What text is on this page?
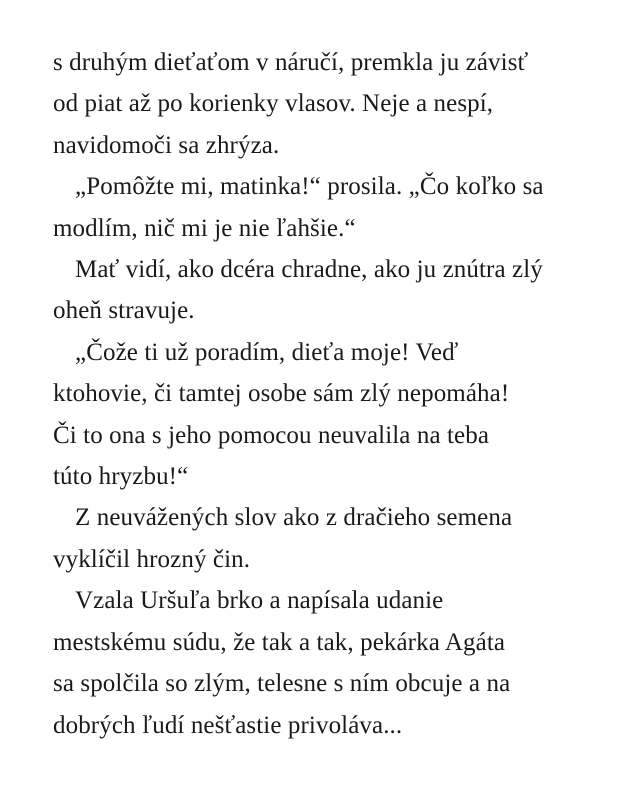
s druhým dieťaťom v náručí, premkla ju závisť
od piat až po korienky vlasov. Neje a nespí,
navidomoči sa zhrýza.
„Pomôžte mi, matinka!“ prosila. „Čo koľko sa
modlím, nič mi je nie ľahšie.“
Mať vidí, ako dcéra chradne, ako ju znútra zlý
oheň stravuje.
„Čože ti už poradím, dieťa moje! Veď
ktohovie, či tamtej osobe sám zlý nepomáha!
Či to ona s jeho pomocou neuvalila na teba
túto hryzbu!“
Z neuvážených slov ako z dračieho semena
vyklíčil hrozný čin.
Vzala Uršuľa brko a napísala udanie
mestskému súdu, že tak a tak, pekárka Agáta
sa spolčila so zlým, telesne s ním obcuje a na
dobrých ľudí nešťastie privoláva...
